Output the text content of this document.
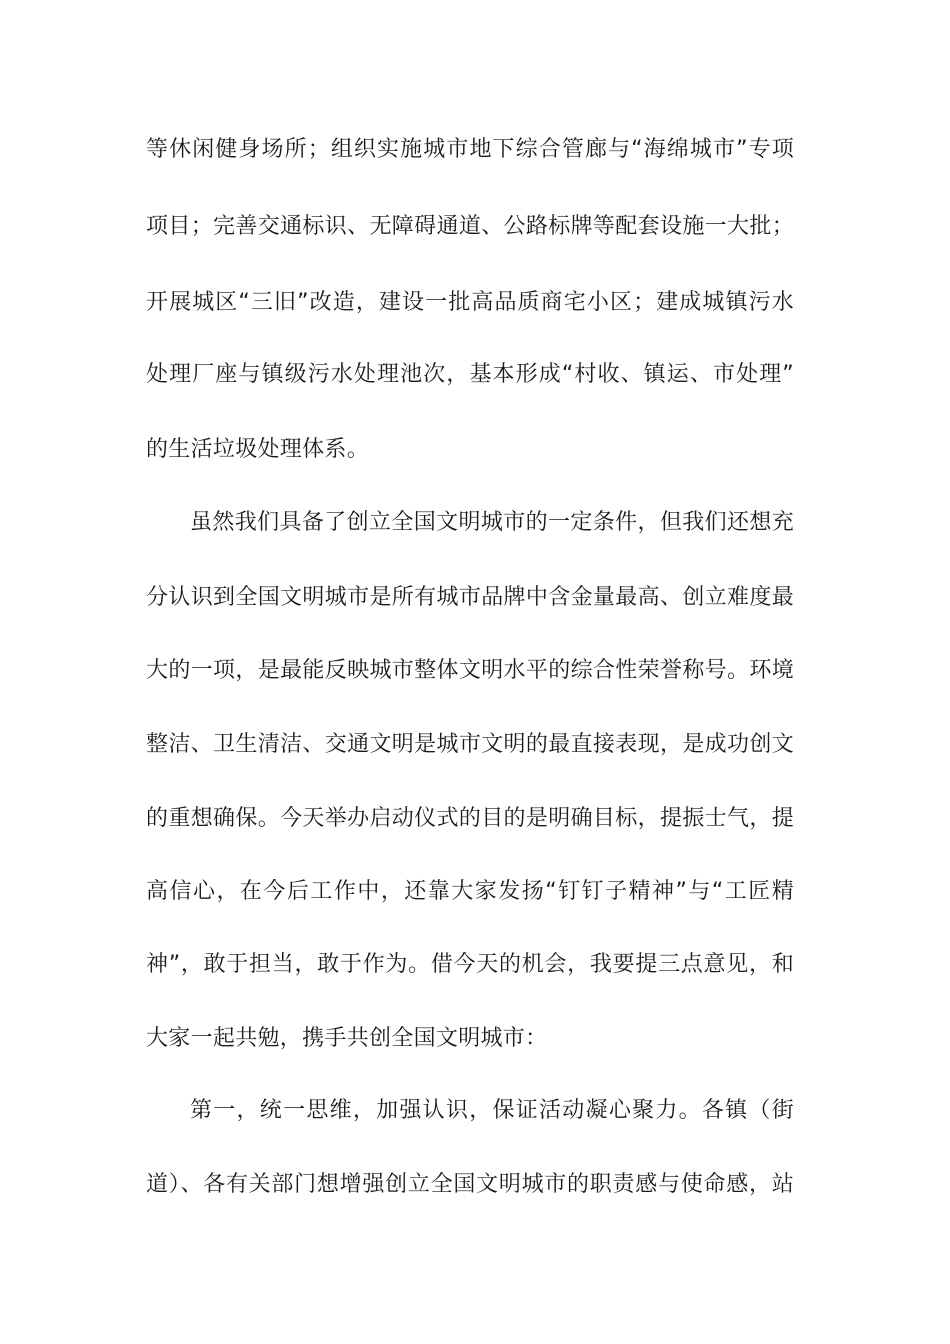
等休闲健身场所；组织实施城市地下综合管廊与“海绵城市”专项
项目；完善交通标识、无障碍通道、公路标牌等配套设施一大批；
开展城区“三旧”改造，建设一批高品质商宅小区；建成城镇污水
处理厂座与镇级污水处理池次，基本形成“村收、镇运、市处理”
的生活垃圾处理体系。
虽然我们具备了创立全国文明城市的一定条件，但我们还想充
分认识到全国文明城市是所有城市品牌中含金量最高、创立难度最
大的一项，是最能反映城市整体文明水平的综合性荣誉称号。环境
整洁、卫生清洁、交通文明是城市文明的最直接表现，是成功创文
的重想确保。今天举办启动仪式的目的是明确目标，提振士气，提
高信心，在今后工作中，还靠大家发扬“钉钉子精神”与“工匠精
神”，敢于担当，敢于作为。借今天的机会，我要提三点意见，和
大家一起共勉，携手共创全国文明城市：
第一，统一思维，加强认识，保证活动凝心聚力。各镇（街
道）、各有关部门想增强创立全国文明城市的职责感与使命感，站
